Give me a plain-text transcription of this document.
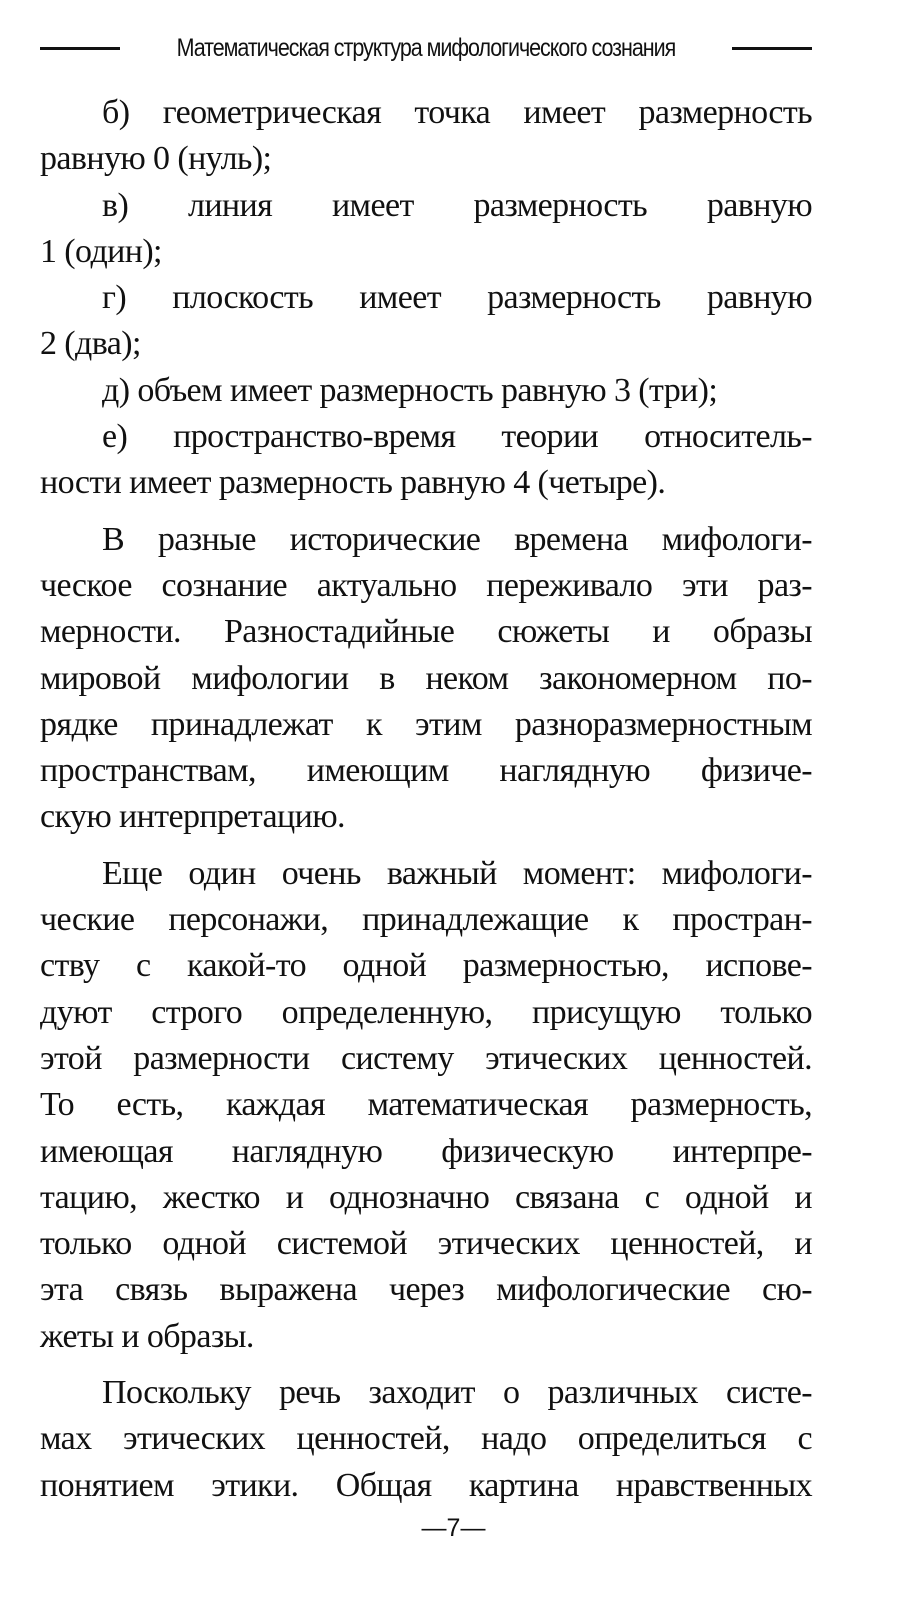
Математическая структура мифологического сознания
б) геометрическая точка имеет размерность
равную 0 (нуль);
в) линия имеет размерность равную
1 (один);
г) плоскость имеет размерность равную
2 (два);
д) объем имеет размерность равную 3 (три);
е) пространство-время теории относитель-
ности имеет размерность равную 4 (четыре).
В разные исторические времена мифологи-
ческое сознание актуально переживало эти раз-
мерности. Разностадийные сюжеты и образы
мировой мифологии в неком закономерном по-
рядке принадлежат к этим разноразмерностным
пространствам, имеющим наглядную физиче-
скую интерпретацию.
Еще один очень важный момент: мифологи-
ческие персонажи, принадлежащие к простран-
ству с какой-то одной размерностью, испове-
дуют строго определенную, присущую только
этой размерности систему этических ценностей.
То есть, каждая математическая размерность,
имеющая наглядную физическую интерпре-
тацию, жестко и однозначно связана с одной и
только одной системой этических ценностей, и
эта связь выражена через мифологические сю-
жеты и образы.
Поскольку речь заходит о различных систе-
мах этических ценностей, надо определиться с
понятием этики. Общая картина нравственных
—7—
